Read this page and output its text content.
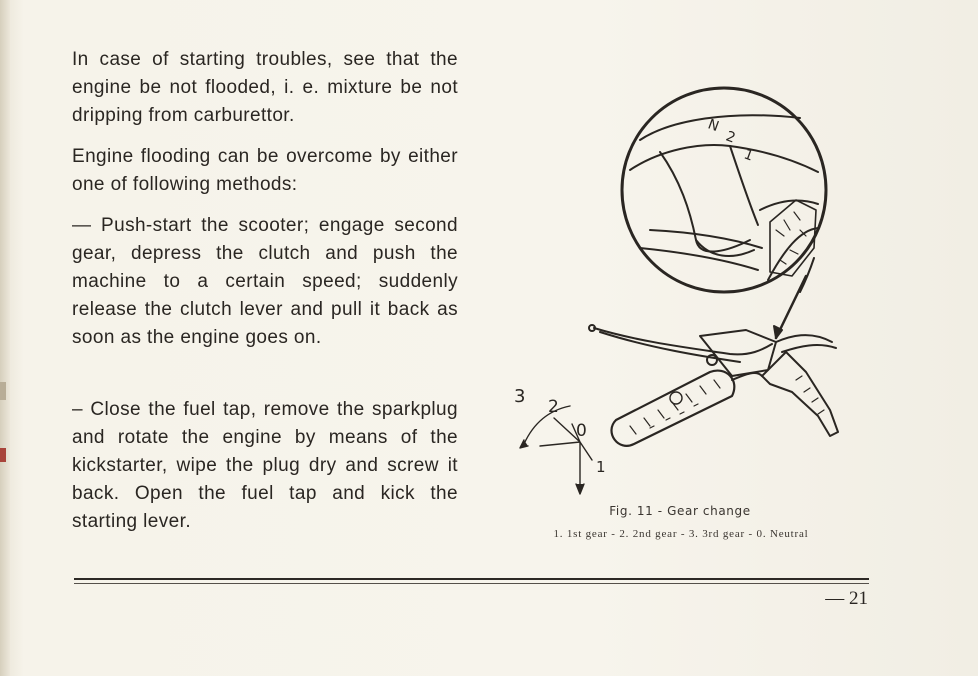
In case of starting troubles, see that the engine be not flooded, i. e. mixture be not dripping from carburettor.

Engine flooding can be overcome by either one of following methods:

— Push-start the scooter; engage second gear, depress the clutch and push the machine to a certain speed; suddenly release the clutch lever and pull it back as soon as the engine goes on.

– Close the fuel tap, remove the sparkplug and rotate the engine by means of the kickstarter, wipe the plug dry and screw it back. Open the fuel tap and kick the starting lever.

3 2
0
1
N
2
1
Fig. 11 - Gear change
1. 1st gear - 2. 2nd gear - 3. 3rd gear - 0. Neutral
— 21
